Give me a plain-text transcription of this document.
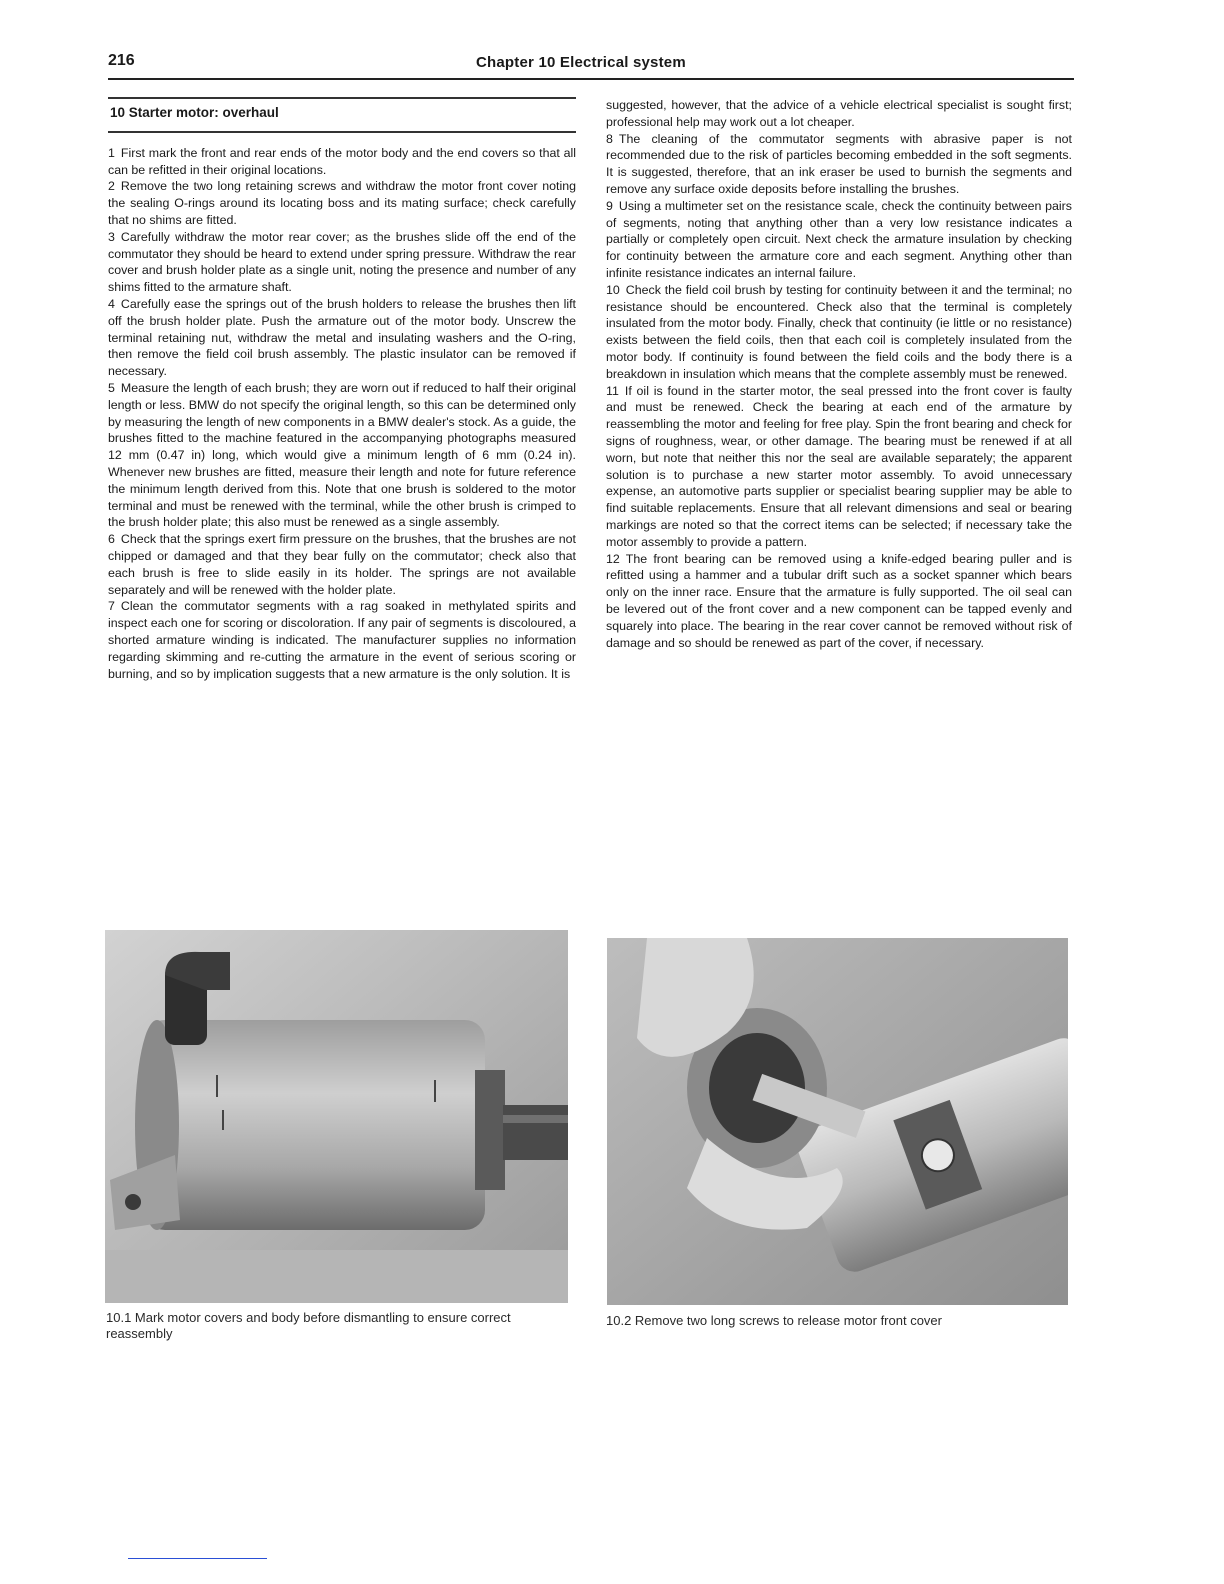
216	Chapter 10 Electrical system
10 Starter motor: overhaul

1 First mark the front and rear ends of the motor body and the end covers so that all can be refitted in their original locations.

2 Remove the two long retaining screws and withdraw the motor front cover noting the sealing O-rings around its locating boss and its mating surface; check carefully that no shims are fitted.

3 Carefully withdraw the motor rear cover; as the brushes slide off the end of the commutator they should be heard to extend under spring pressure. Withdraw the rear cover and brush holder plate as a single unit, noting the presence and number of any shims fitted to the armature shaft.

4 Carefully ease the springs out of the brush holders to release the brushes then lift off the brush holder plate. Push the armature out of the motor body. Unscrew the terminal retaining nut, withdraw the metal and insulating washers and the O-ring, then remove the field coil brush assembly. The plastic insulator can be removed if necessary.

5 Measure the length of each brush; they are worn out if reduced to half their original length or less. BMW do not specify the original length, so this can be determined only by measuring the length of new components in a BMW dealer's stock. As a guide, the brushes fitted to the machine featured in the accompanying photographs measured 12 mm (0.47 in) long, which would give a minimum length of 6 mm (0.24 in). Whenever new brushes are fitted, measure their length and note for future reference the minimum length derived from this. Note that one brush is soldered to the motor terminal and must be renewed with the terminal, while the other brush is crimped to the brush holder plate; this also must be renewed as a single assembly.

6 Check that the springs exert firm pressure on the brushes, that the brushes are not chipped or damaged and that they bear fully on the commutator; check also that each brush is free to slide easily in its holder. The springs are not available separately and will be renewed with the holder plate.

7 Clean the commutator segments with a rag soaked in methylated spirits and inspect each one for scoring or discoloration. If any pair of segments is discoloured, a shorted armature winding is indicated. The manufacturer supplies no information regarding skimming and re-cutting the armature in the event of serious scoring or burning, and so by implication suggests that a new armature is the only solution. It is

suggested, however, that the advice of a vehicle electrical specialist is sought first; professional help may work out a lot cheaper.

8 The cleaning of the commutator segments with abrasive paper is not recommended due to the risk of particles becoming embedded in the soft segments. It is suggested, therefore, that an ink eraser be used to burnish the segments and remove any surface oxide deposits before installing the brushes.

9 Using a multimeter set on the resistance scale, check the continuity between pairs of segments, noting that anything other than a very low resistance indicates a partially or completely open circuit. Next check the armature insulation by checking for continuity between the armature core and each segment. Anything other than infinite resistance indicates an internal failure.

10 Check the field coil brush by testing for continuity between it and the terminal; no resistance should be encountered. Check also that the terminal is completely insulated from the motor body. Finally, check that continuity (ie little or no resistance) exists between the field coils, then that each coil is completely insulated from the motor body. If continuity is found between the field coils and the body there is a breakdown in insulation which means that the complete assembly must be renewed.

11 If oil is found in the starter motor, the seal pressed into the front cover is faulty and must be renewed. Check the bearing at each end of the armature by reassembling the motor and feeling for free play. Spin the front bearing and check for signs of roughness, wear, or other damage. The bearing must be renewed if at all worn, but note that neither this nor the seal are available separately; the apparent solution is to purchase a new starter motor assembly. To avoid unnecessary expense, an automotive parts supplier or specialist bearing supplier may be able to find suitable replacements. Ensure that all relevant dimensions and seal or bearing markings are noted so that the correct items can be selected; if necessary take the motor assembly to provide a pattern.

12 The front bearing can be removed using a knife-edged bearing puller and is refitted using a hammer and a tubular drift such as a socket spanner which bears only on the inner race. Ensure that the armature is fully supported. The oil seal can be levered out of the front cover and a new component can be tapped evenly and squarely into place. The bearing in the rear cover cannot be removed without risk of damage and so should be renewed as part of the cover, if necessary.

10.1 Mark motor covers and body before dismantling to ensure correct reassembly
10.2 Remove two long screws to release motor front cover
